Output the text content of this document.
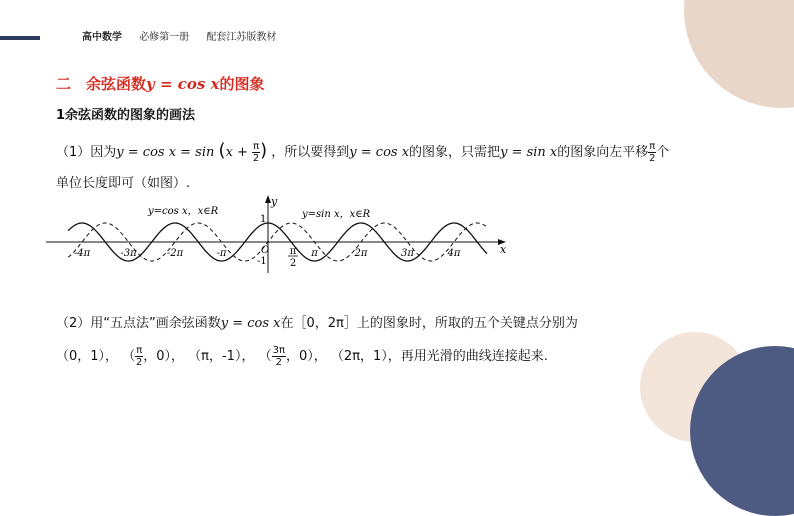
高中数学 必修第一册 配套江苏版教材
二　余弦函数y = cos x的图象
1余弦函数的图象的画法
（1）因为$y = \cos x = \sin (x + \frac{\pi}{2}$ ) ，所以要得到y = cos x的图象，只需把y = sin x的图象向左平移 $\frac{\pi}{2}$ 个
单位长度即可（如图）.
-4π	-3π	-2π	-π	π	2π	3π	4π
y=cos x，x∈R	y=sin x，x∈R
x
y
O
1
-1
π
2
（2）用“五点法”画余弦函数y = cos x在［0，2π］上的图象时，所取的五个关键点分别为
（0，1）， （ $\frac{\pi}{2}$ ，0）， （π，-1）， （ $\frac{3\pi}{2}$ ，0）， （2π，1），再用光滑的曲线连接起来.
